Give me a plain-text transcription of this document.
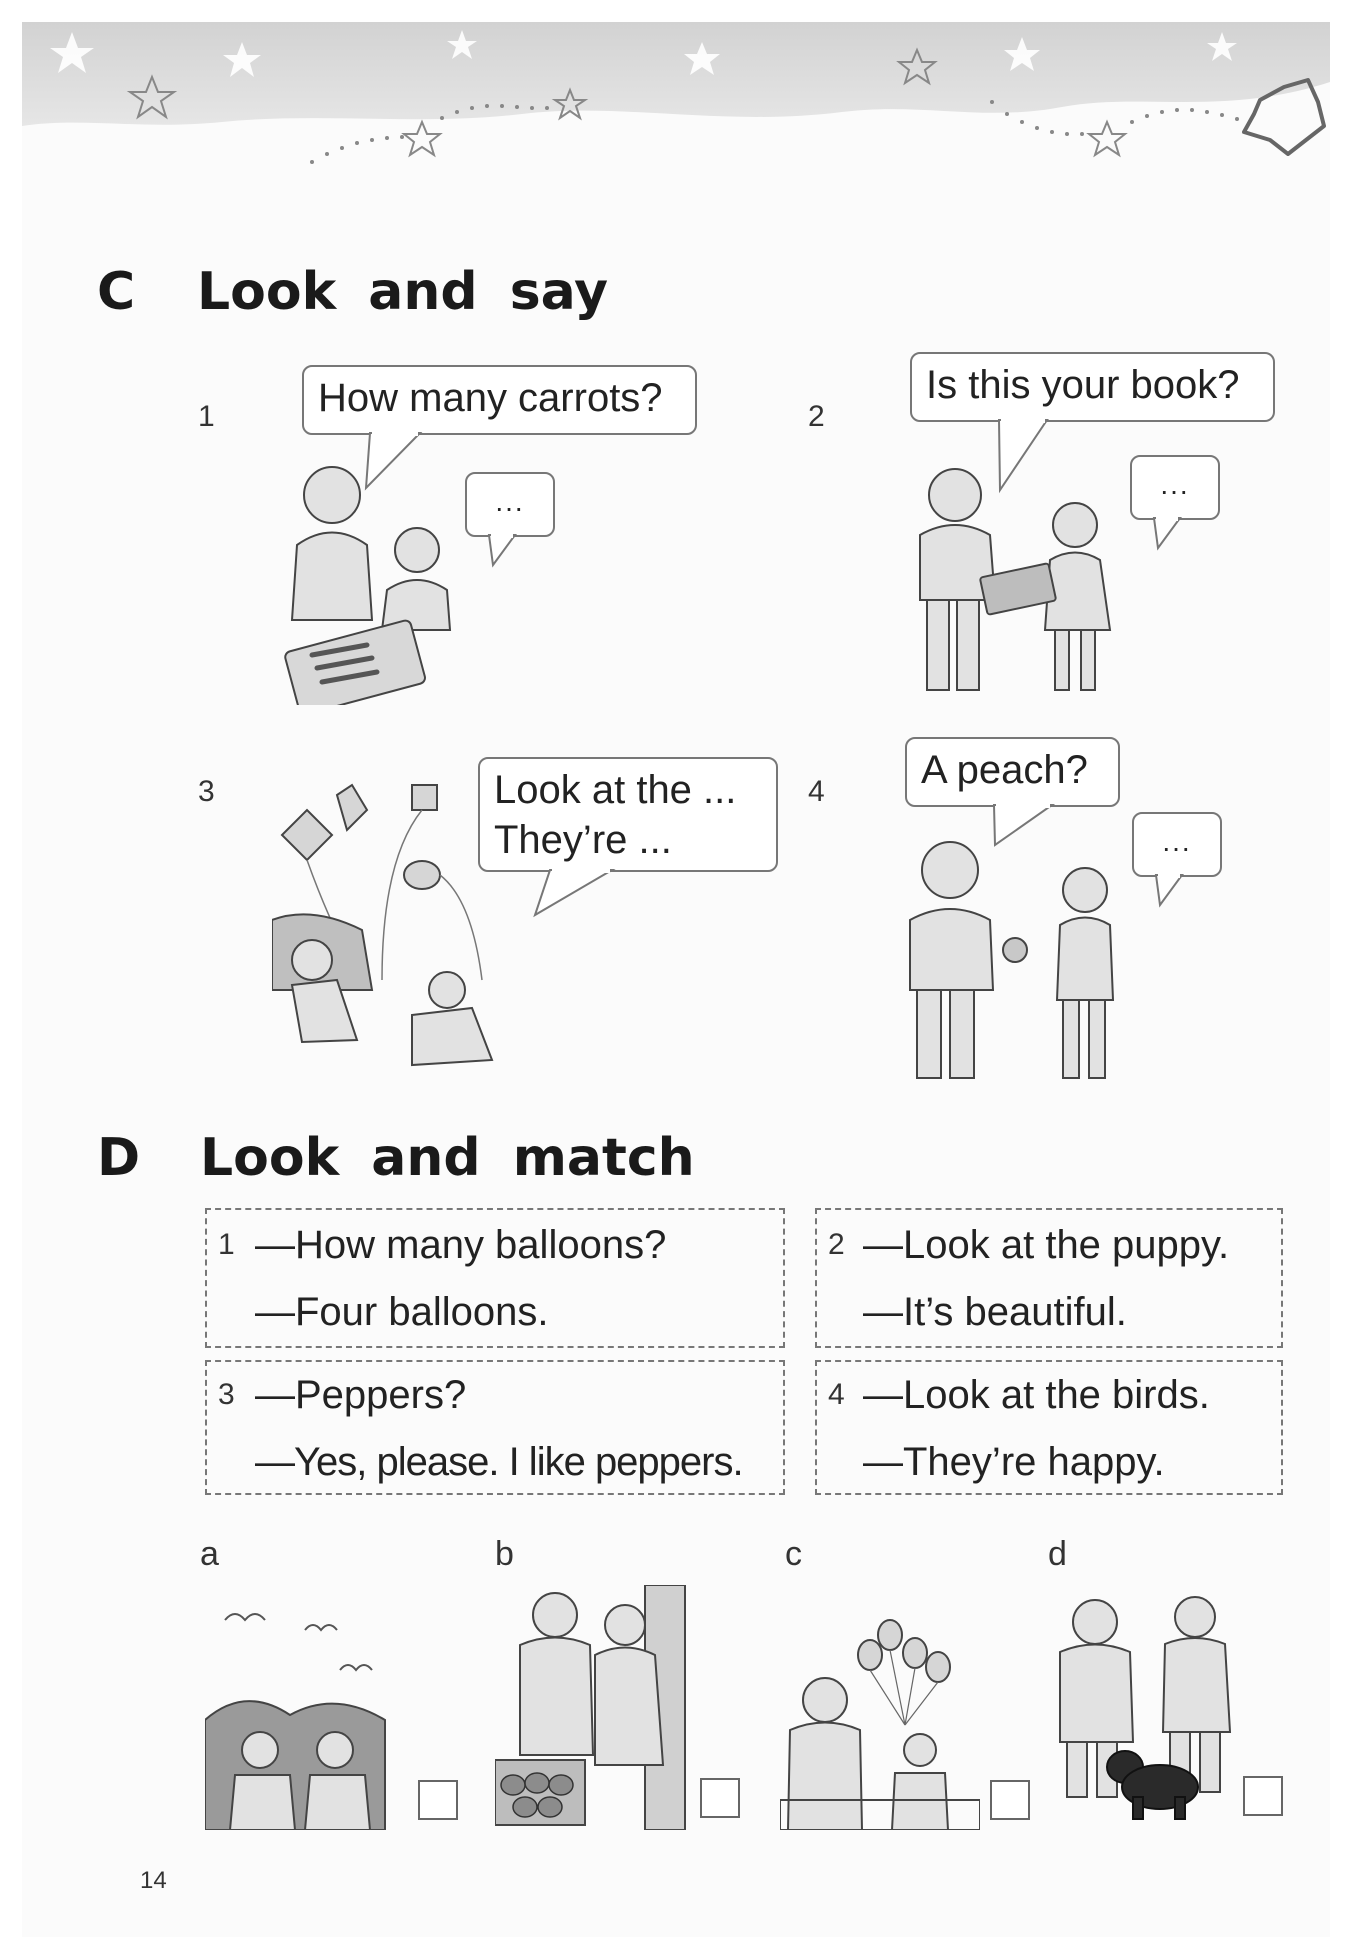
C Look and say
1	How many carrots?
...
2
Is this your book?
...
3	Look at the ...
They’re ...
4	A peach?
...
D Look and match
1 —How many balloons?
—Four balloons.
2 —Look at the puppy.
—It’s beautiful.
3 —Peppers?
—Yes, please. I like peppers.
4 —Look at the birds.
—They’re happy.
a	b	c	d
14
